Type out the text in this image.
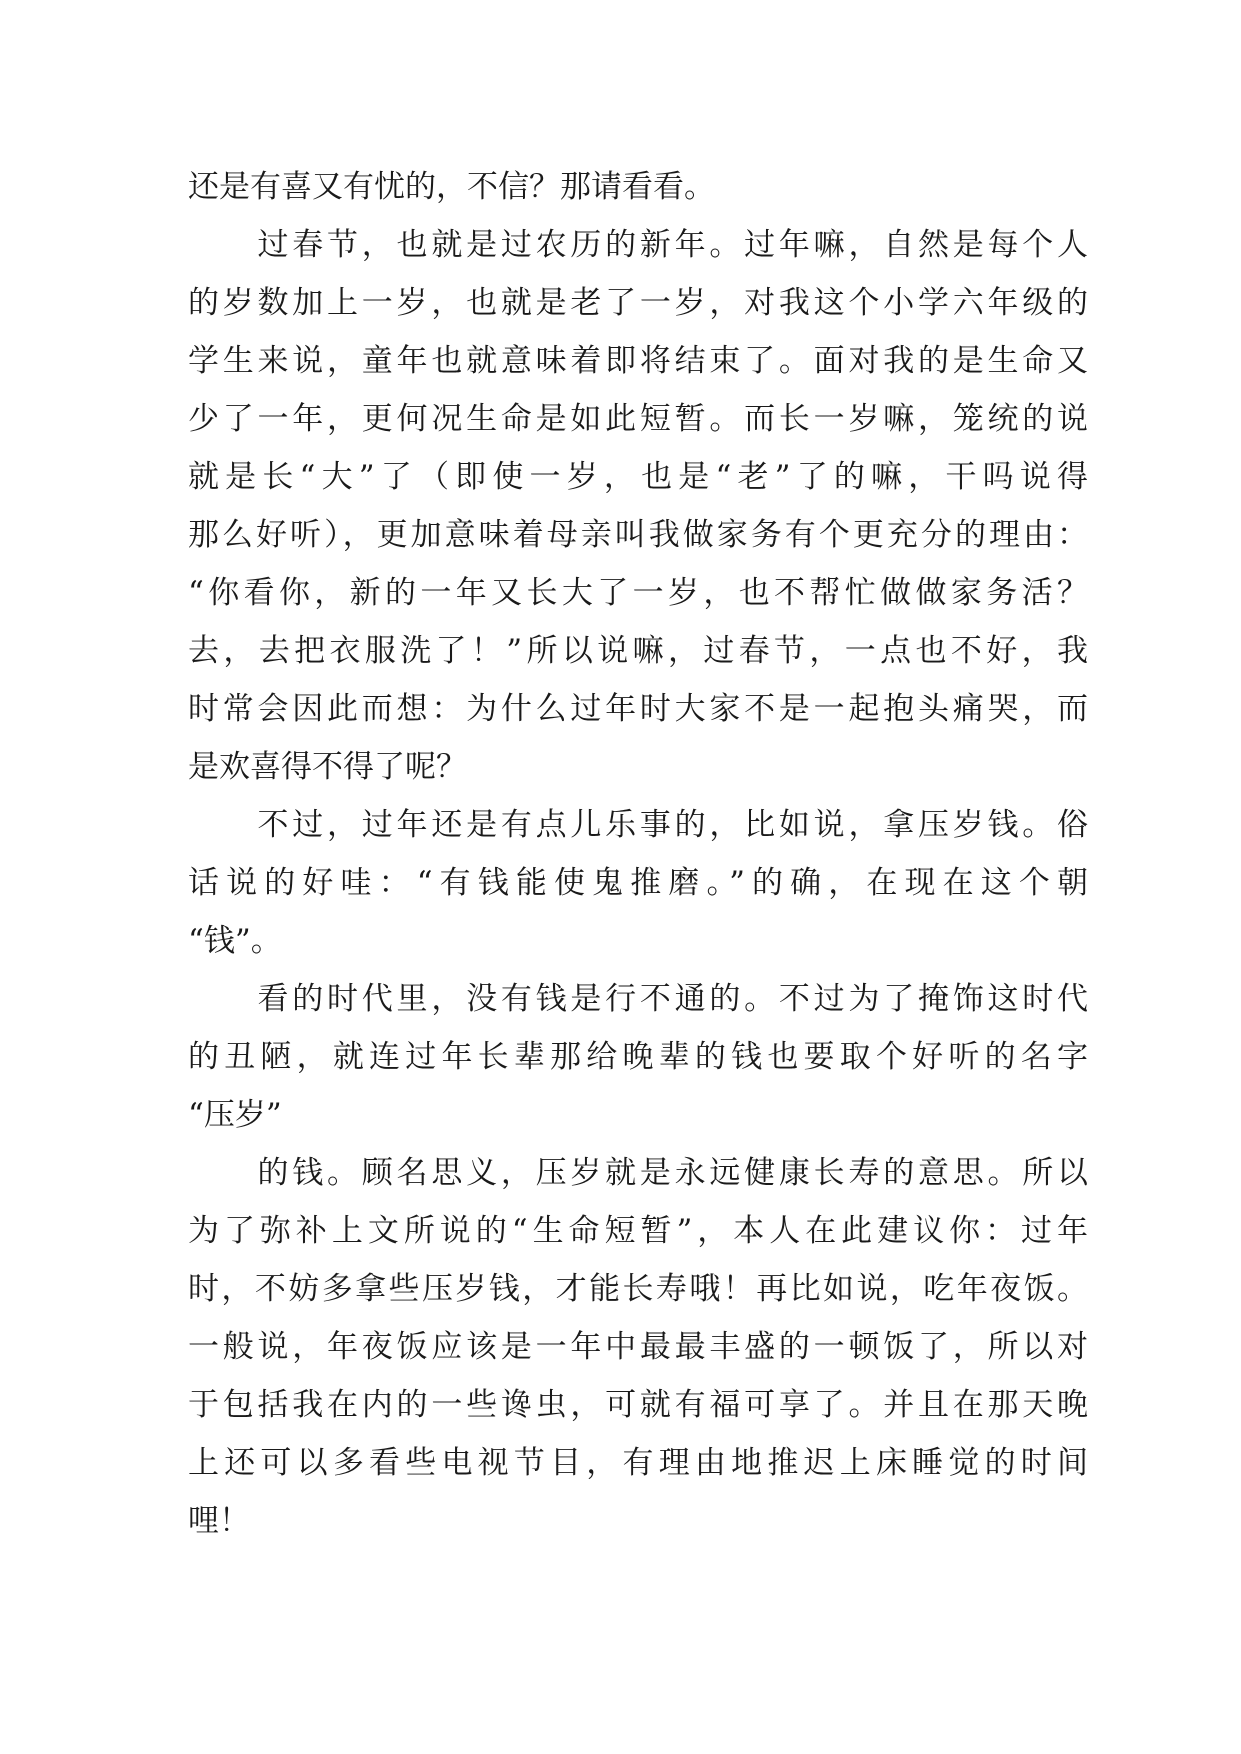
还是有喜又有忧的，不信？那请看看。
　　过春节，也就是过农历的新年。过年嘛，自然是每个人
的岁数加上一岁，也就是老了一岁，对我这个小学六年级的
学生来说，童年也就意味着即将结束了。面对我的是生命又
少了一年，更何况生命是如此短暂。而长一岁嘛，笼统的说
就是长“大”了（即使一岁，也是“老”了的嘛，干吗说得
那么好听），更加意味着母亲叫我做家务有个更充分的理由：
“你看你，新的一年又长大了一岁，也不帮忙做做家务活？
去，去把衣服洗了！”所以说嘛，过春节，一点也不好，我
时常会因此而想：为什么过年时大家不是一起抱头痛哭，而
是欢喜得不得了呢？
　　不过，过年还是有点儿乐事的，比如说，拿压岁钱。俗
话说的好哇：“有钱能使鬼推磨。”的确，在现在这个朝
“钱”。
　　看的时代里，没有钱是行不通的。不过为了掩饰这时代
的丑陋，就连过年长辈那给晚辈的钱也要取个好听的名字
“压岁”
　　的钱。顾名思义，压岁就是永远健康长寿的意思。所以
为了弥补上文所说的“生命短暂”，本人在此建议你：过年
时，不妨多拿些压岁钱，才能长寿哦！再比如说，吃年夜饭。
一般说，年夜饭应该是一年中最最丰盛的一顿饭了，所以对
于包括我在内的一些谗虫，可就有福可享了。并且在那天晚
上还可以多看些电视节目，有理由地推迟上床睡觉的时间
哩！
